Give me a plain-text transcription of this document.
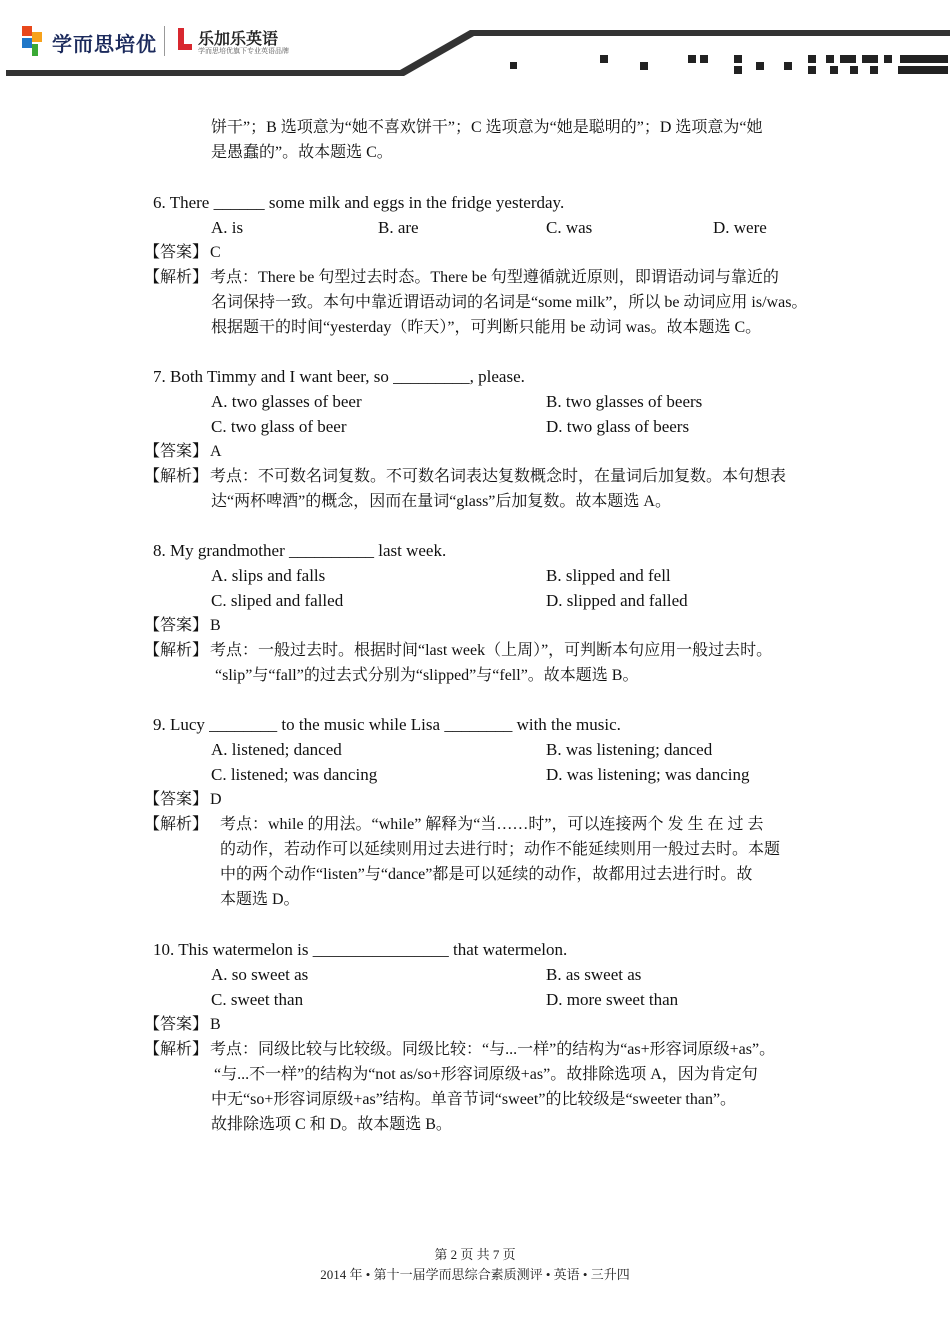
学而思培优	乐加乐英语
学而思培优旗下专业英语品牌
饼干”；B 选项意为“她不喜欢饼干”；C 选项意为“她是聪明的”；D 选项意为“她
是愚蠢的”。故本题选 C。
6. There ______ some milk and eggs in the fridge yesterday.
A. is	B. are	C. was	D. were
【答案】 C
【解析】 考点：There be 句型过去时态。There be 句型遵循就近原则，即谓语动词与靠近的
名词保持一致。本句中靠近谓语动词的名词是“some milk”，所以 be 动词应用 is/was。
根据题干的时间“yesterday（昨天）”，可判断只能用 be 动词 was。故本题选 C。
7. Both Timmy and I want beer, so _________, please.
A. two glasses of beer	B. two glasses of beers
C. two glass of beer	D. two glass of beers
【答案】 A
【解析】 考点：不可数名词复数。不可数名词表达复数概念时，在量词后加复数。本句想表
达“两杯啤酒”的概念，因而在量词“glass”后加复数。故本题选 A。
8. My grandmother __________ last week.
A. slips and falls	B. slipped and fell
C. sliped and falled	D. slipped and falled
【答案】 B
【解析】 考点：一般过去时。根据时间“last week（上周）”，可判断本句应用一般过去时。
“slip”与“fall”的过去式分别为“slipped”与“fell”。故本题选 B。
9. Lucy ________ to the music while Lisa ________ with the music.
A. listened; danced	B. was listening; danced
C. listened; was dancing	D. was listening; was dancing
【答案】 D
【解析】 考点：while 的用法。“while” 解释为“当……时”，可以连接两个 发 生 在 过 去
的动作，若动作可以延续则用过去进行时；动作不能延续则用一般过去时。本题
中的两个动作“listen”与“dance”都是可以延续的动作，故都用过去进行时。故
本题选 D。
10. This watermelon is ________________ that watermelon.
A. so sweet as	B. as sweet as
C. sweet than	D. more sweet than
【答案】 B
【解析】 考点：同级比较与比较级。同级比较：“与...一样”的结构为“as+形容词原级+as”。
“与...不一样”的结构为“not as/so+形容词原级+as”。故排除选项 A，因为肯定句
中无“so+形容词原级+as”结构。单音节词“sweet”的比较级是“sweeter than”。
故排除选项 C 和 D。故本题选 B。
第 2 页 共 7 页
2014 年 • 第十一届学而思综合素质测评 • 英语 • 三升四
